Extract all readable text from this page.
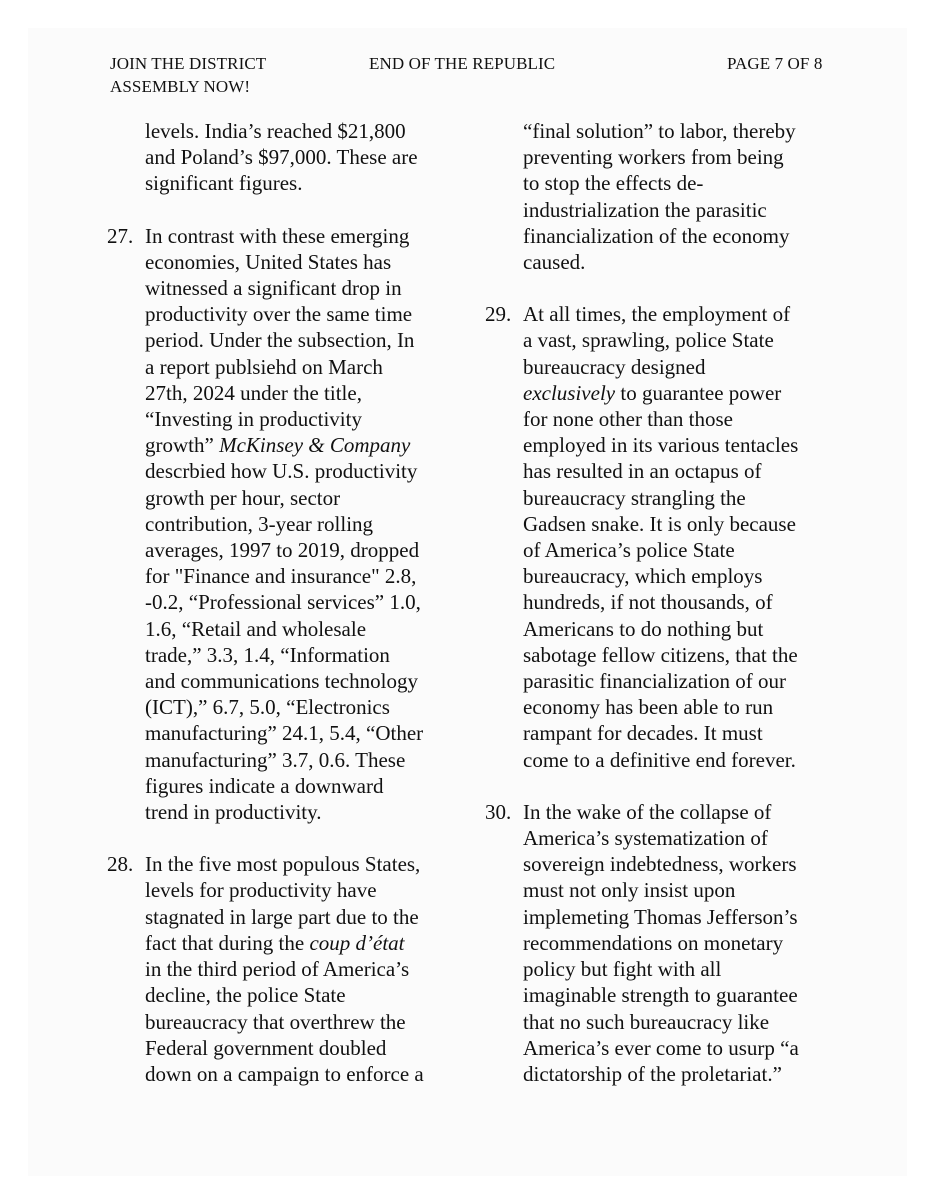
JOIN THE DISTRICT
ASSEMBLY NOW!
END OF THE REPUBLIC	PAGE 7 OF 8
levels. India’s reached $21,800
and Poland’s $97,000. These are
significant figures.
27. In contrast with these emerging
economies, United States has
witnessed a significant drop in
productivity over the same time
period. Under the subsection, In
a report publsiehd on March
27th, 2024 under the title,
“Investing in productivity
growth” McKinsey & Company
descrbied how U.S. productivity
growth per hour, sector
contribution, 3-year rolling
averages, 1997 to 2019, dropped
for "Finance and insurance" 2.8,
-0.2, “Professional services” 1.0,
1.6, “Retail and wholesale
trade,” 3.3, 1.4, “Information
and communications technology
(ICT),” 6.7, 5.0, “Electronics
manufacturing” 24.1, 5.4, “Other
manufacturing” 3.7, 0.6. These
figures indicate a downward
trend in productivity.
28. In the five most populous States,
levels for productivity have
stagnated in large part due to the
fact that during the coup d’état
in the third period of America’s
decline, the police State
bureaucracy that overthrew the
Federal government doubled
down on a campaign to enforce a
“final solution” to labor, thereby
preventing workers from being
to stop the effects de-
industrialization the parasitic
financialization of the economy
caused.
29. At all times, the employment of
a vast, sprawling, police State
bureaucracy designed
exclusively to guarantee power
for none other than those
employed in its various tentacles
has resulted in an octapus of
bureaucracy strangling the
Gadsen snake. It is only because
of America’s police State
bureaucracy, which employs
hundreds, if not thousands, of
Americans to do nothing but
sabotage fellow citizens, that the
parasitic financialization of our
economy has been able to run
rampant for decades. It must
come to a definitive end forever.
30. In the wake of the collapse of
America’s systematization of
sovereign indebtedness, workers
must not only insist upon
implemeting Thomas Jefferson’s
recommendations on monetary
policy but fight with all
imaginable strength to guarantee
that no such bureaucracy like
America’s ever come to usurp “a
dictatorship of the proletariat.”
